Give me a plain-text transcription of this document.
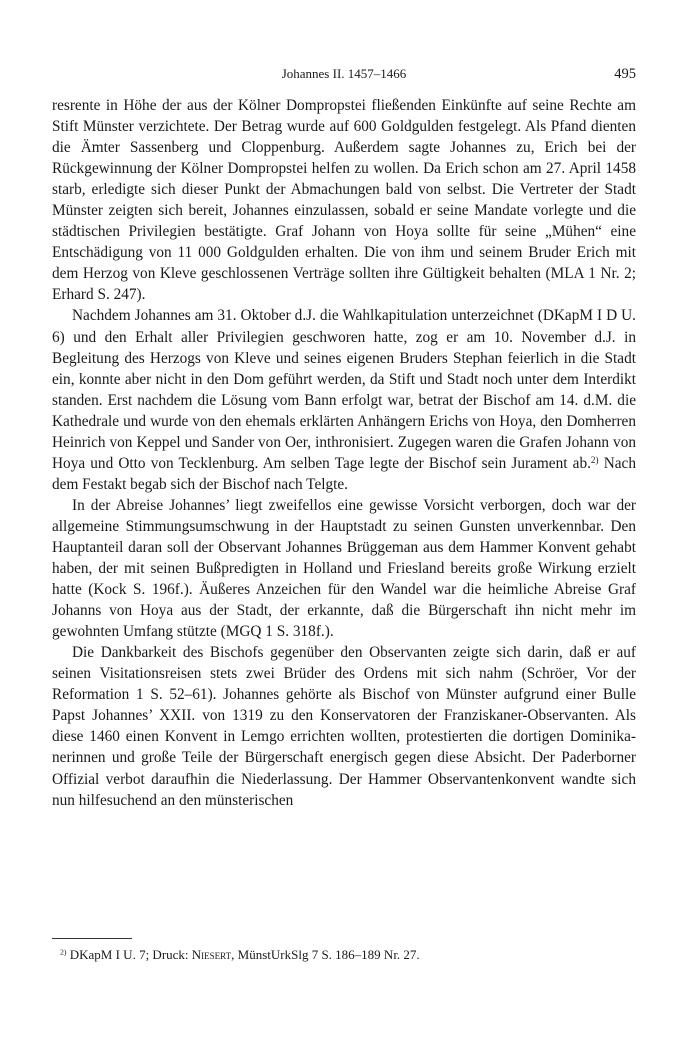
Johannes II. 1457–1466	495

resrente in Höhe der aus der Kölner Dompropstei fließenden Einkünfte auf seine Rechte am Stift Münster verzichtete. Der Betrag wurde auf 600 Goldgulden festgelegt. Als Pfand dienten die Ämter Sassenberg und Cloppenburg. Außerdem sagte Johannes zu, Erich bei der Rückgewinnung der Kölner Dompropstei helfen zu wollen. Da Erich schon am 27. April 1458 starb, erledigte sich dieser Punkt der Abmachungen bald von selbst. Die Vertreter der Stadt Münster zeigten sich bereit, Johannes einzulassen, sobald er seine Mandate vorlegte und die städtischen Privilegien bestätigte. Graf Johann von Hoya sollte für seine „Mühen“ eine Entschädigung von 11 000 Goldgulden erhalten. Die von ihm und seinem Bruder Erich mit dem Herzog von Kleve geschlossenen Verträge sollten ihre Gültigkeit behalten (MLA 1 Nr. 2; Erhard S. 247).

Nachdem Johannes am 31. Oktober d.J. die Wahlkapitulation unterzeichnet (DKapM I D U. 6) und den Erhalt aller Privilegien geschworen hatte, zog er am 10. November d.J. in Begleitung des Herzogs von Kleve und seines eigenen Bruders Stephan feierlich in die Stadt ein, konnte aber nicht in den Dom geführt werden, da Stift und Stadt noch unter dem Interdikt standen. Erst nachdem die Lösung vom Bann erfolgt war, betrat der Bischof am 14. d.M. die Kathedrale und wurde von den ehemals erklärten Anhängern Erichs von Hoya, den Domherren Heinrich von Keppel und Sander von Oer, inthronisiert. Zugegen waren die Grafen Johann von Hoya und Otto von Tecklenburg. Am selben Tage legte der Bischof sein Jurament ab.$^{2)}$ Nach dem Festakt begab sich der Bischof nach Telgte.

In der Abreise Johannes’ liegt zweifellos eine gewisse Vorsicht verborgen, doch war der allgemeine Stimmungsumschwung in der Hauptstadt zu seinen Gunsten unverkennbar. Den Hauptanteil daran soll der Observant Johannes Brüggeman aus dem Hammer Konvent gehabt haben, der mit seinen Bußpredigten in Holland und Friesland bereits große Wirkung erzielt hatte (Kock S. 196f.). Äußeres Anzeichen für den Wandel war die heimliche Abreise Graf Johanns von Hoya aus der Stadt, der erkannte, daß die Bürgerschaft ihn nicht mehr im gewohnten Umfang stützte (MGQ 1 S. 318f.).

Die Dankbarkeit des Bischofs gegenüber den Observanten zeigte sich darin, daß er auf seinen Visitationsreisen stets zwei Brüder des Ordens mit sich nahm (Schröer, Vor der Reformation 1 S. 52–61). Johannes gehörte als Bischof von Münster aufgrund einer Bulle Papst Johannes’ XXII. von 1319 zu den Konservatoren der Franziskaner-Observanten. Als diese 1460 einen Konvent in Lemgo errichten wollten, protestierten die dortigen Dominikanerinnen und große Teile der Bürgerschaft energisch gegen diese Absicht. Der Paderborner Offizial verbot daraufhin die Niederlassung. Der Hammer Observantenkonvent wandte sich nun hilfesuchend an den münsterischen

$^{2)}$ DKapM I U. 7; Druck: Niesert, MünstUrkSlg 7 S. 186–189 Nr. 27.
